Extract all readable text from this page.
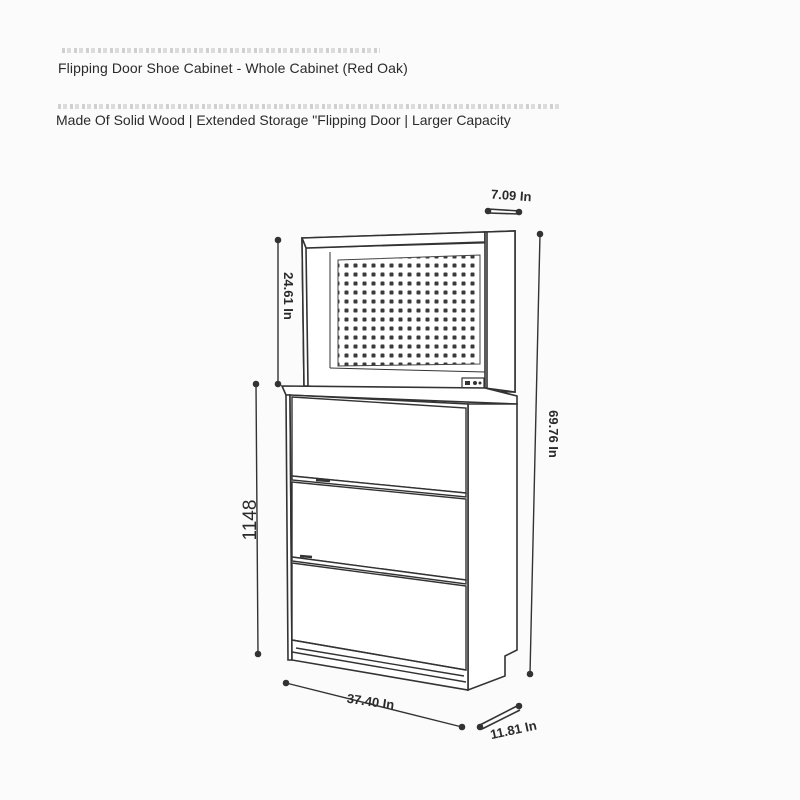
Flipping Door Shoe Cabinet - Whole Cabinet (Red Oak)
Made Of Solid Wood | Extended Storage "Flipping Door | Larger Capacity
7.09 In
24.61 In
69.76 In
1148
37.40 In
11.81 In
